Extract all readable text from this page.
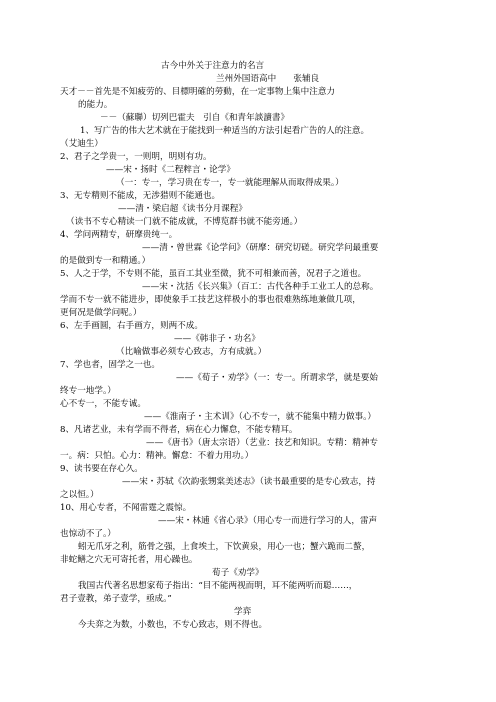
古今中外关于注意力的名言
兰州外国语高中　　张辅良
天才－－首先是不知疲劳的、目標明確的勞動，在一定事物上集中注意力
的能力。
－－（蘇聯）切列巴霍夫　引自《和青年談讀書》
1、写广告的伟大艺术就在于能找到一种适当的方法引起看广告的人的注意。
（艾迪生）
2、君子之学贵一，一则明，明则有功。
——宋・扬时《二程粹言・论学》
（一：专一，学习贵在专一，专一就能理解从而取得成果。）
3、无专精则不能成，无涉猎则不能通也。
——清・梁启超《读书分月课程》
（读书不专心精读一门就不能成就，不博览群书就不能旁通。）
4、学问两精专，研摩贵纯一。
——清・曾世霖《论学问》（研摩：研究切磋。研究学问最重要
的是做到专一和精通。）
5、人之于学，不专则不能，虽百工其业至微，犹不可相兼而善，况君子之道也。
——宋・沈括《长兴集》（百工：古代各种手工业工人的总称。
学而不专一就不能进步，即使象手工技艺这样极小的事也很难熟练地兼做几项，
更何况是做学问呢。）
6、左手画圆，右手画方，则两不成。
——《韩非子・功名》
（比喻做事必须专心致志，方有成就。）
7、学也者，固学之一也。
——《荀子・劝学》（一：专一。所谓求学，就是要始
终专一地学。）
心不专一，不能专诚。
——《淮南子・主术训》（心不专一，就不能集中精力做事。）
8、凡诸艺业，未有学而不得者，病在心力懈怠，不能专精耳。
——《唐书》（唐太宗语）（艺业：技艺和知识。专精：精神专
一。病：只怕。心力：精神。懈怠：不着力用功。）
9、读书要在存心久。
——宋・苏轼《次韵张甥棠美述志》（读书最重要的是专心致志，持
之以恒。）
10、用心专者，不闻雷霆之震惊。
——宋・林逋《省心录》（用心专一而进行学习的人，雷声
也惊动不了。）
蚓无爪牙之利，筋骨之强，上食埃土，下饮黄泉，用心一也；蟹六跪而二螯，
非蛇鳝之穴无可寄托者，用心躁也。
荀子《劝学》
我国古代著名思想家荀子指出：“目不能两视而明，耳不能两听而聪……，
君子壹教，弟子壹学，亟成。”
学弈
今夫弈之为数，小数也，不专心致志，则不得也。
